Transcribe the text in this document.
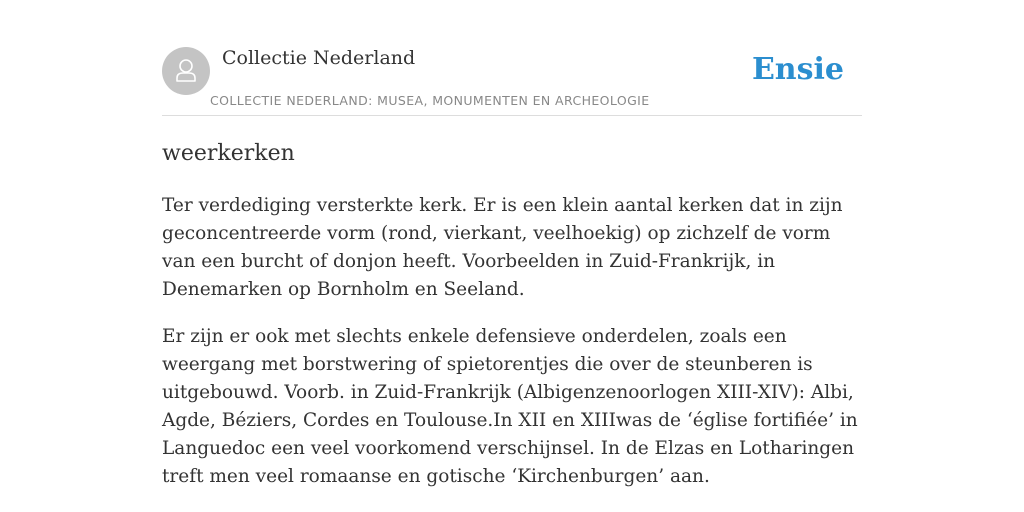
Collectie Nederland
COLLECTIE NEDERLAND: MUSEA, MONUMENTEN EN ARCHEOLOGIE
Ensie
weerkerken

Ter verdediging versterkte kerk. Er is een klein aantal kerken dat in zijn geconcentreerde vorm (rond, vierkant, veelhoekig) op zichzelf de vorm van een burcht of donjon heeft. Voorbeelden in Zuid-Frankrijk, in Denemarken op Bornholm en Seeland.

Er zijn er ook met slechts enkele defensieve onderdelen, zoals een weergang met borstwering of spietorentjes die over de steunberen is uitgebouwd. Voorb. in Zuid-Frankrijk (Albigenzenoorlogen XIII-XIV): Albi, Agde, Béziers, Cordes en Toulouse.In XII en XIIIwas de ‘église fortifiée’ in Languedoc een veel voorkomend verschijnsel. In de Elzas en Lotharingen treft men veel romaanse en gotische ‘Kirchenburgen’ aan.
